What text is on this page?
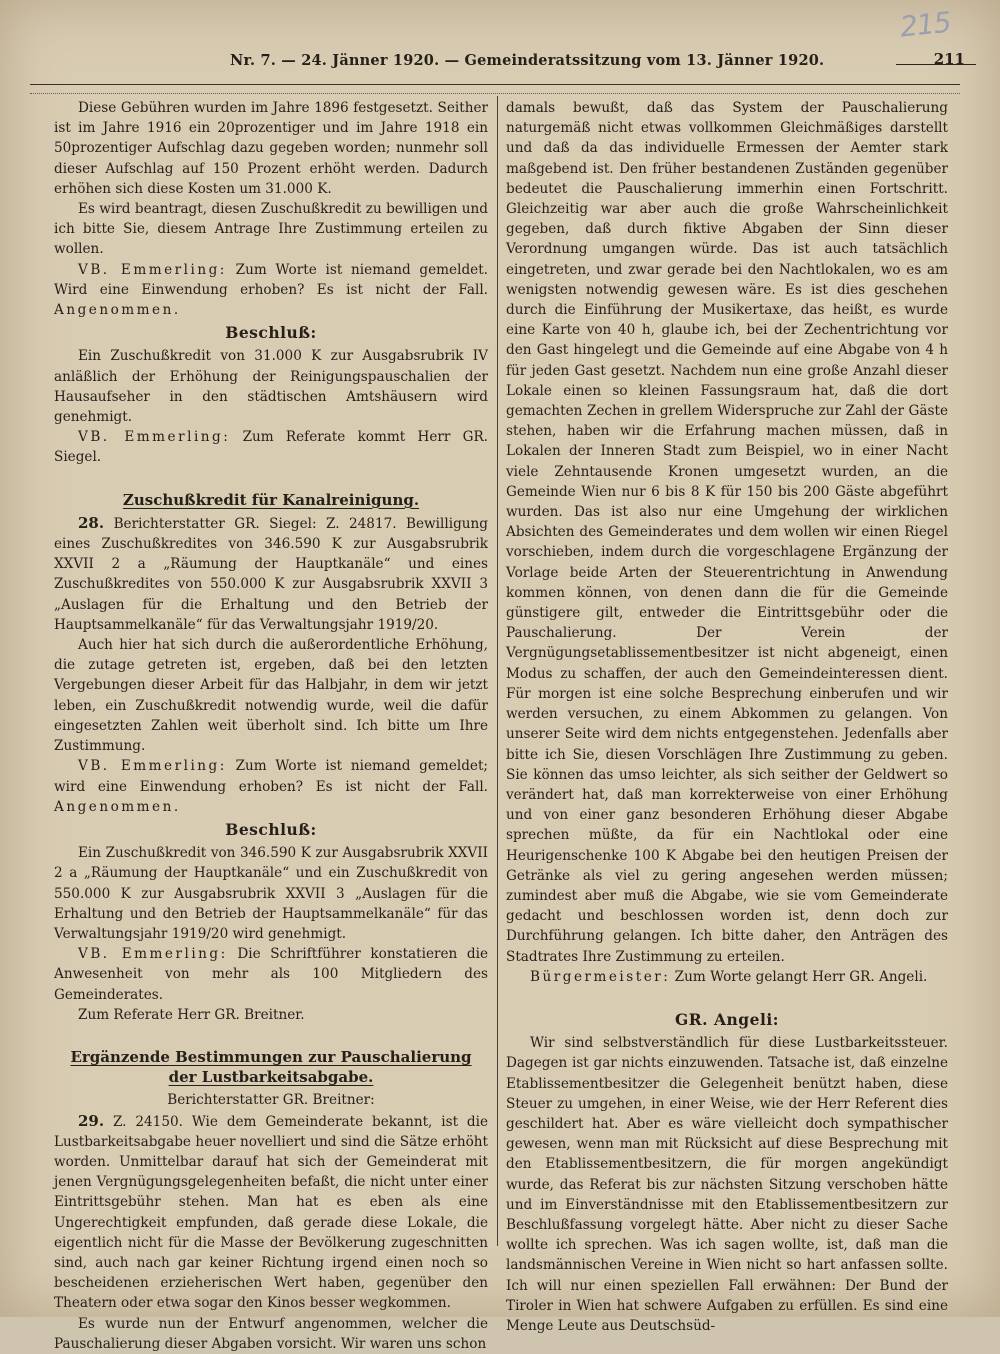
215
Nr. 7. — 24. Jänner 1920. — Gemeinderatssitzung vom 13. Jänner 1920.	211

Diese Gebühren wurden im Jahre 1896 festgesetzt. Seither ist im Jahre 1916 ein 20prozentiger und im Jahre 1918 ein 50prozentiger Aufschlag dazu gegeben worden; nunmehr soll dieser Aufschlag auf 150 Prozent erhöht werden. Dadurch erhöhen sich diese Kosten um 31.000 K.

Es wird beantragt, diesen Zuschußkredit zu bewilligen und ich bitte Sie, diesem Antrage Ihre Zustimmung erteilen zu wollen.

VB. Emmerling: Zum Worte ist niemand gemeldet. Wird eine Einwendung erhoben? Es ist nicht der Fall. Angenommen.

Beschluß:

Ein Zuschußkredit von 31.000 K zur Ausgabsrubrik IV anläßlich der Erhöhung der Reinigungspauschalien der Hausaufseher in den städtischen Amtshäusern wird genehmigt.

VB. Emmerling: Zum Referate kommt Herr GR. Siegel.

Zuschußkredit für Kanalreinigung.

28. Berichterstatter GR. Siegel: Z. 24817. Bewilligung eines Zuschußkredites von 346.590 K zur Ausgabsrubrik XXVII 2 a „Räumung der Hauptkanäle“ und eines Zuschußkredites von 550.000 K zur Ausgabsrubrik XXVII 3 „Auslagen für die Erhaltung und den Betrieb der Hauptsammelkanäle“ für das Verwaltungsjahr 1919/20.

Auch hier hat sich durch die außerordentliche Erhöhung, die zutage getreten ist, ergeben, daß bei den letzten Vergebungen dieser Arbeit für das Halbjahr, in dem wir jetzt leben, ein Zuschußkredit notwendig wurde, weil die dafür eingesetzten Zahlen weit überholt sind. Ich bitte um Ihre Zustimmung.

VB. Emmerling: Zum Worte ist niemand gemeldet; wird eine Einwendung erhoben? Es ist nicht der Fall. Angenommen.

Beschluß:

Ein Zuschußkredit von 346.590 K zur Ausgabsrubrik XXVII 2 a „Räumung der Hauptkanäle“ und ein Zuschußkredit von 550.000 K zur Ausgabsrubrik XXVII 3 „Auslagen für die Erhaltung und den Betrieb der Hauptsammelkanäle“ für das Verwaltungsjahr 1919/20 wird genehmigt.

VB. Emmerling: Die Schriftführer konstatieren die Anwesenheit von mehr als 100 Mitgliedern des Gemeinderates.

Zum Referate Herr GR. Breitner.

Ergänzende Bestimmungen zur Pauschalierung der Lustbarkeitsabgabe.

Berichterstatter GR. Breitner:

29. Z. 24150. Wie dem Gemeinderate bekannt, ist die Lustbarkeitsabgabe heuer novelliert und sind die Sätze erhöht worden. Unmittelbar darauf hat sich der Gemeinderat mit jenen Vergnügungsgelegenheiten befaßt, die nicht unter einer Eintrittsgebühr stehen. Man hat es eben als eine Ungerechtigkeit empfunden, daß gerade diese Lokale, die eigentlich nicht für die Masse der Bevölkerung zugeschnitten sind, auch nach gar keiner Richtung irgend einen noch so bescheidenen erzieherischen Wert haben, gegenüber den Theatern oder etwa sogar den Kinos besser wegkommen.

Es wurde nun der Entwurf angenommen, welcher die Pauschalierung dieser Abgaben vorsicht. Wir waren uns schon

damals bewußt, daß das System der Pauschalierung naturgemäß nicht etwas vollkommen Gleichmäßiges darstellt und daß da das individuelle Ermessen der Aemter stark maßgebend ist. Den früher bestandenen Zuständen gegenüber bedeutet die Pauschalierung immerhin einen Fortschritt. Gleichzeitig war aber auch die große Wahrscheinlichkeit gegeben, daß durch fiktive Abgaben der Sinn dieser Verordnung umgangen würde. Das ist auch tatsächlich eingetreten, und zwar gerade bei den Nachtlokalen, wo es am wenigsten notwendig gewesen wäre. Es ist dies geschehen durch die Einführung der Musikertaxe, das heißt, es wurde eine Karte von 40 h, glaube ich, bei der Zechentrichtung vor den Gast hingelegt und die Gemeinde auf eine Abgabe von 4 h für jeden Gast gesetzt. Nachdem nun eine große Anzahl dieser Lokale einen so kleinen Fassungsraum hat, daß die dort gemachten Zechen in grellem Widerspruche zur Zahl der Gäste stehen, haben wir die Erfahrung machen müssen, daß in Lokalen der Inneren Stadt zum Beispiel, wo in einer Nacht viele Zehntausende Kronen umgesetzt wurden, an die Gemeinde Wien nur 6 bis 8 K für 150 bis 200 Gäste abgeführt wurden. Das ist also nur eine Umgehung der wirklichen Absichten des Gemeinderates und dem wollen wir einen Riegel vorschieben, indem durch die vorgeschlagene Ergänzung der Vorlage beide Arten der Steuerentrichtung in Anwendung kommen können, von denen dann die für die Gemeinde günstigere gilt, entweder die Eintrittsgebühr oder die Pauschalierung. Der Verein der Vergnügungsetablissementbesitzer ist nicht abgeneigt, einen Modus zu schaffen, der auch den Gemeindeinteressen dient. Für morgen ist eine solche Besprechung einberufen und wir werden versuchen, zu einem Abkommen zu gelangen. Von unserer Seite wird dem nichts entgegenstehen. Jedenfalls aber bitte ich Sie, diesen Vorschlägen Ihre Zustimmung zu geben. Sie können das umso leichter, als sich seither der Geldwert so verändert hat, daß man korrekterweise von einer Erhöhung und von einer ganz besonderen Erhöhung dieser Abgabe sprechen müßte, da für ein Nachtlokal oder eine Heurigenschenke 100 K Abgabe bei den heutigen Preisen der Getränke als viel zu gering angesehen werden müssen; zumindest aber muß die Abgabe, wie sie vom Gemeinderate gedacht und beschlossen worden ist, denn doch zur Durchführung gelangen. Ich bitte daher, den Anträgen des Stadtrates Ihre Zustimmung zu erteilen.

Bürgermeister: Zum Worte gelangt Herr GR. Angeli.

GR. Angeli:

Wir sind selbstverständlich für diese Lustbarkeitssteuer. Dagegen ist gar nichts einzuwenden. Tatsache ist, daß einzelne Etablissementbesitzer die Gelegenheit benützt haben, diese Steuer zu umgehen, in einer Weise, wie der Herr Referent dies geschildert hat. Aber es wäre vielleicht doch sympathischer gewesen, wenn man mit Rücksicht auf diese Besprechung mit den Etablissementbesitzern, die für morgen angekündigt wurde, das Referat bis zur nächsten Sitzung verschoben hätte und im Einverständnisse mit den Etablissementbesitzern zur Beschlußfassung vorgelegt hätte. Aber nicht zu dieser Sache wollte ich sprechen. Was ich sagen wollte, ist, daß man die landsmännischen Vereine in Wien nicht so hart anfassen sollte. Ich will nur einen speziellen Fall erwähnen: Der Bund der Tiroler in Wien hat schwere Aufgaben zu erfüllen. Es sind eine Menge Leute aus Deutschsüd-
